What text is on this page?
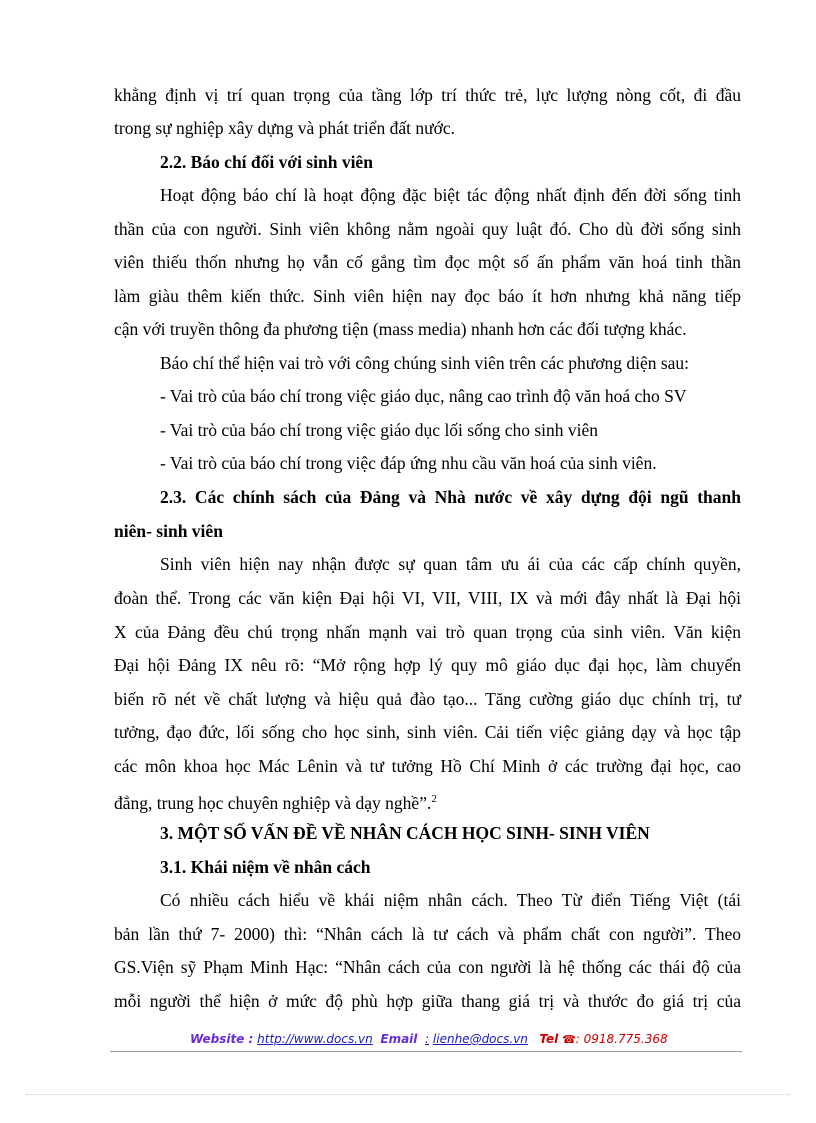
khẳng định vị trí quan trọng của tầng lớp trí thức trẻ, lực lượng nòng cốt, đi đầu
trong sự nghiệp xây dựng và phát triển đất nước.
2.2. Báo chí đối với sinh viên
Hoạt động báo chí là hoạt động đặc biệt tác động nhất định đến đời sống tinh
thần của con người. Sinh viên không nằm ngoài quy luật đó. Cho dù đời sống sinh
viên thiếu thốn nhưng họ vẫn cố gắng tìm đọc một số ấn phẩm văn hoá tinh thần
làm giàu thêm kiến thức. Sinh viên hiện nay đọc báo ít hơn nhưng khả năng tiếp
cận với truyền thông đa phương tiện (mass media) nhanh hơn các đối tượng khác.
Báo chí thể hiện vai trò với công chúng sinh viên trên các phương diện sau:
- Vai trò của báo chí trong việc giáo dục, nâng cao trình độ văn hoá cho SV
- Vai trò của báo chí trong việc giáo dục lối sống cho sinh viên
- Vai trò của báo chí trong việc đáp ứng nhu cầu văn hoá của sinh viên.
2.3. Các chính sách của Đảng và Nhà nước về xây dựng đội ngũ thanh
niên- sinh viên
Sinh viên hiện nay nhận được sự quan tâm ưu ái của các cấp chính quyền,
đoàn thể. Trong các văn kiện Đại hội VI, VII, VIII, IX và mới đây nhất là Đại hội
X của Đảng đều chú trọng nhấn mạnh vai trò quan trọng của sinh viên. Văn kiện
Đại hội Đảng IX nêu rõ: “Mở rộng hợp lý quy mô giáo dục đại học, làm chuyển
biến rõ nét về chất lượng và hiệu quả đào tạo... Tăng cường giáo dục chính trị, tư
tưởng, đạo đức, lối sống cho học sinh, sinh viên. Cải tiến việc giảng dạy và học tập
các môn khoa học Mác Lênin và tư tưởng Hồ Chí Minh ở các trường đại học, cao
đẳng, trung học chuyên nghiệp và dạy nghề”.$^2$
3. MỘT SỐ VẤN ĐỀ VỀ NHÂN CÁCH HỌC SINH- SINH VIÊN
3.1. Khái niệm về nhân cách
Có nhiều cách hiểu về khái niệm nhân cách. Theo Từ điển Tiếng Việt (tái
bản lần thứ 7- 2000) thì: “Nhân cách là tư cách và phẩm chất con người”. Theo
GS.Viện sỹ Phạm Minh Hạc: “Nhân cách của con người là hệ thống các thái độ của
mỗi người thể hiện ở mức độ phù hợp giữa thang giá trị và thước đo giá trị của
Website : http://www.docs.vn Email : lienhe@docs.vn Tel ☎: 0918.775.368
